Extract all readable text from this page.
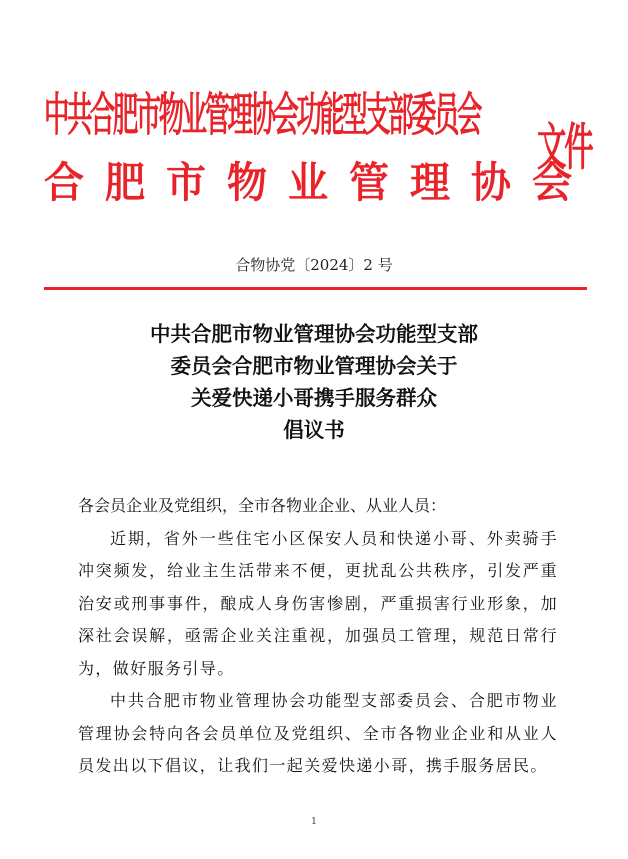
中共合肥市物业管理协会功能型支部委员会
合肥市物业管理协会
文件
合物协党〔2024〕2 号
中共合肥市物业管理协会功能型支部
委员会合肥市物业管理协会关于
关爱快递小哥携手服务群众
倡议书

各会员企业及党组织，全市各物业企业、从业人员：

近期，省外一些住宅小区保安人员和快递小哥、外卖骑手冲突频发，给业主生活带来不便，更扰乱公共秩序，引发严重治安或刑事事件，酿成人身伤害惨剧，严重损害行业形象，加深社会误解，亟需企业关注重视，加强员工管理，规范日常行为，做好服务引导。

中共合肥市物业管理协会功能型支部委员会、合肥市物业管理协会特向各会员单位及党组织、全市各物业企业和从业人员发出以下倡议，让我们一起关爱快递小哥，携手服务居民。

1
